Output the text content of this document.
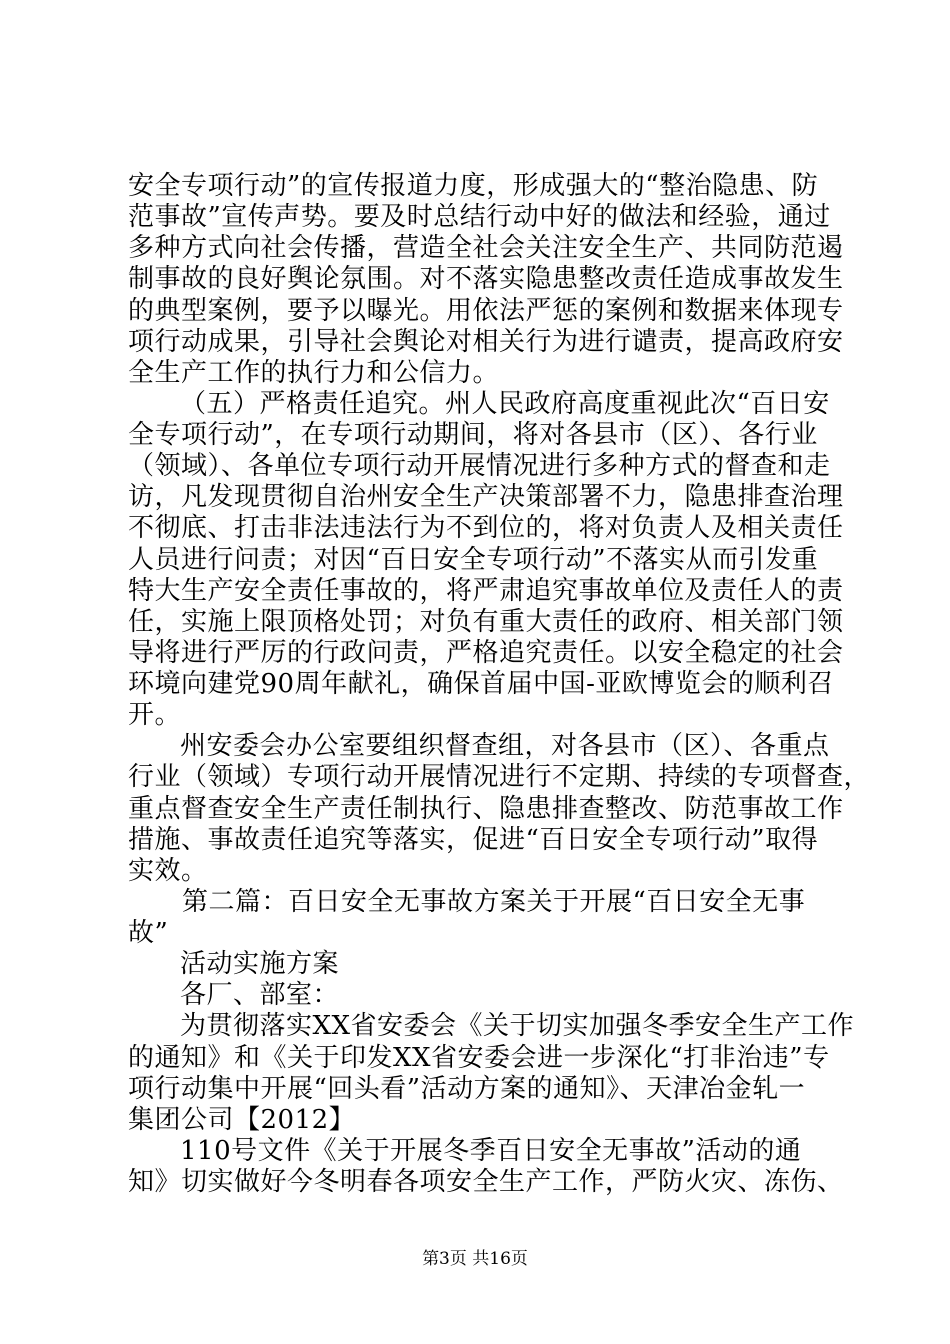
安全专项行动”的宣传报道力度，形成强大的“整治隐患、防
范事故”宣传声势。要及时总结行动中好的做法和经验，通过
多种方式向社会传播，营造全社会关注安全生产、共同防范遏
制事故的良好舆论氛围。对不落实隐患整改责任造成事故发生
的典型案例，要予以曝光。用依法严惩的案例和数据来体现专
项行动成果，引导社会舆论对相关行为进行谴责，提高政府安
全生产工作的执行力和公信力。
（五）严格责任追究。州人民政府高度重视此次“百日安
全专项行动”，在专项行动期间，将对各县市（区）、各行业
（领域）、各单位专项行动开展情况进行多种方式的督查和走
访，凡发现贯彻自治州安全生产决策部署不力，隐患排查治理
不彻底、打击非法违法行为不到位的，将对负责人及相关责任
人员进行问责；对因“百日安全专项行动”不落实从而引发重
特大生产安全责任事故的，将严肃追究事故单位及责任人的责
任，实施上限顶格处罚；对负有重大责任的政府、相关部门领
导将进行严厉的行政问责，严格追究责任。以安全稳定的社会
环境向建党90周年献礼，确保首届中国-亚欧博览会的顺利召
开。
州安委会办公室要组织督查组，对各县市（区）、各重点
行业（领域）专项行动开展情况进行不定期、持续的专项督查，
重点督查安全生产责任制执行、隐患排查整改、防范事故工作
措施、事故责任追究等落实，促进“百日安全专项行动”取得
实效。
第二篇：百日安全无事故方案关于开展“百日安全无事
故”
活动实施方案
各厂、部室：
为贯彻落实XX省安委会《关于切实加强冬季安全生产工作
的通知》和《关于印发XX省安委会进一步深化“打非治违”专
项行动集中开展“回头看”活动方案的通知》、天津冶金轧一
集团公司【2012】
110号文件《关于开展冬季百日安全无事故”活动的通
知》切实做好今冬明春各项安全生产工作，严防火灾、冻伤、
第3页 共16页
